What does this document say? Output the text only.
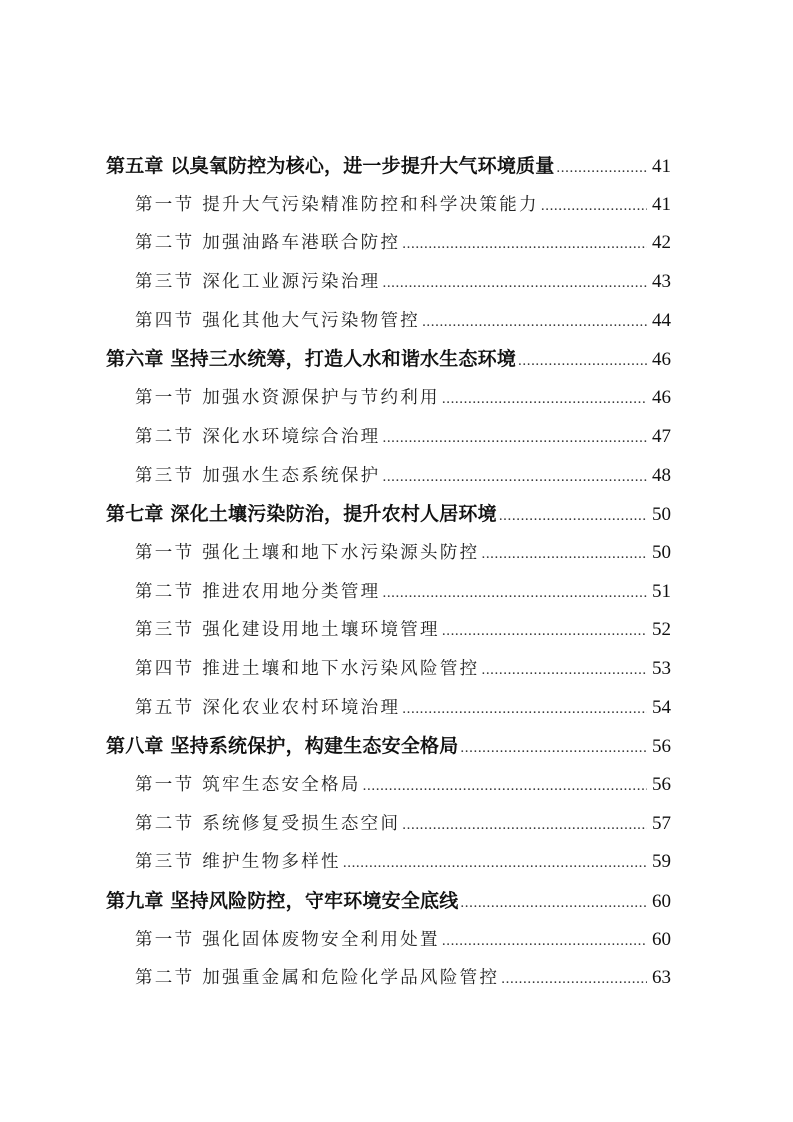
第五章 以臭氧防控为核心，进一步提升大气环境质量 .....	41
第一节 提升大气污染精准防控和科学决策能力 .....	41
第二节 加强油路车港联合防控 .....	42
第三节 深化工业源污染治理 .....	43
第四节 强化其他大气污染物管控 .....	44
第六章 坚持三水统筹，打造人水和谐水生态环境 .....	46
第一节 加强水资源保护与节约利用 .....	46
第二节 深化水环境综合治理 .....	47
第三节 加强水生态系统保护 .....	48
第七章 深化土壤污染防治，提升农村人居环境 .....	50
第一节 强化土壤和地下水污染源头防控 .....	50
第二节 推进农用地分类管理 .....	51
第三节 强化建设用地土壤环境管理 .....	52
第四节 推进土壤和地下水污染风险管控 .....	53
第五节 深化农业农村环境治理 .....	54
第八章 坚持系统保护，构建生态安全格局 .....	56
第一节 筑牢生态安全格局 .....	56
第二节 系统修复受损生态空间 .....	57
第三节 维护生物多样性 .....	59
第九章 坚持风险防控，守牢环境安全底线 .....	60
第一节 强化固体废物安全利用处置 .....	60
第二节 加强重金属和危险化学品风险管控 .....	63
